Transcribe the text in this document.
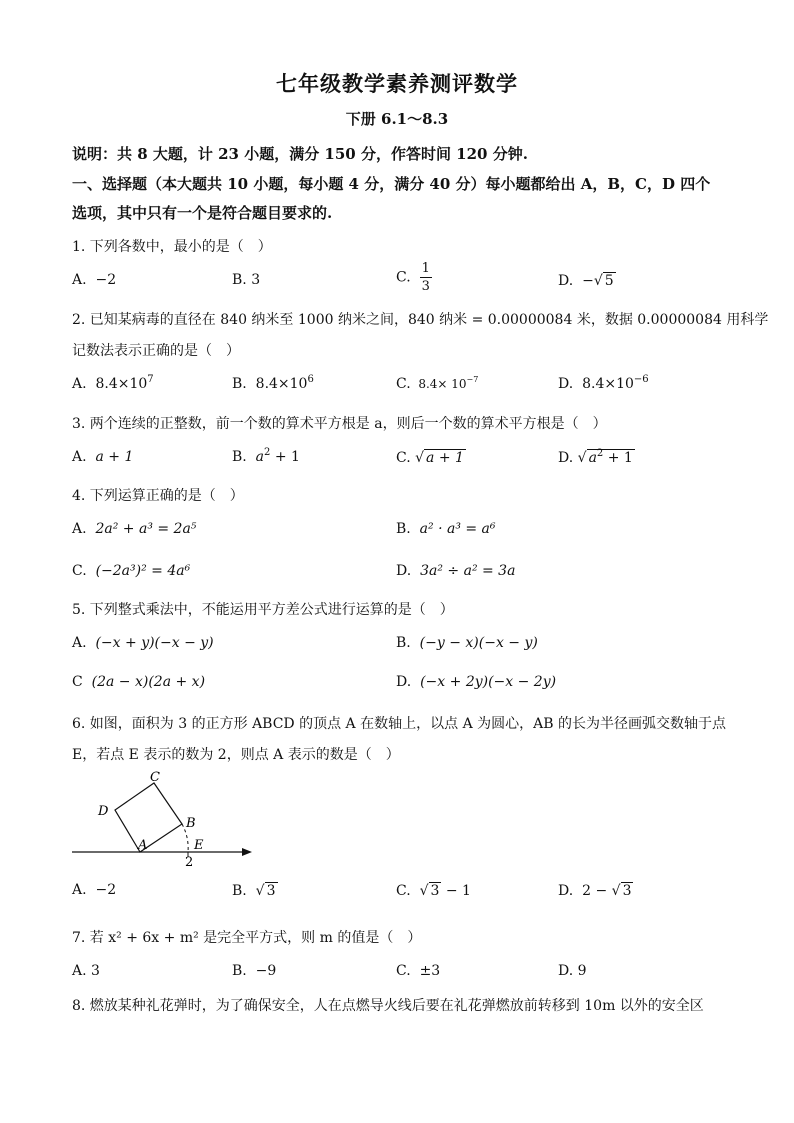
七年级教学素养测评数学
下册 6.1～8.3
说明：共 8 大题，计 23 小题，满分 150 分，作答时间 120 分钟.
一、选择题（本大题共 10 小题，每小题 4 分，满分 40 分）每小题都给出 A，B，C，D 四个
选项，其中只有一个是符合题目要求的.
1. 下列各数中，最小的是（　）
A. −2	B. 3	C. $\frac{1}{3}$	D. −√ 5
2. 已知某病毒的直径在 840 纳米至 1000 纳米之间，840 纳米 = 0.00000084 米，数据 0.00000084 用科学
记数法表示正确的是（　）
A. $8.4\times 10^7$	B. $8.4\times 10^6$	C. $8.4\times 10^{-7}$	D. $8.4\times 10^{-6}$
3. 两个连续的正整数，前一个数的算术平方根是 a，则后一个数的算术平方根是（　）
A. a + 1	B. $a^2 + 1$	C. √ a + 1	D. √ $a^2 + 1$
4. 下列运算正确的是（　）
A. 2a² + a³ = 2a⁵	B. a² · a³ = a⁶
C. (−2a³)² = 4a⁶	D. 3a² ÷ a² = 3a
5. 下列整式乘法中，不能运用平方差公式进行运算的是（　）
A. (−x + y)(−x − y)	B. (−y − x)(−x − y)
C (2a − x)(2a + x)	D. (−x + 2y)(−x − 2y)
6. 如图，面积为 3 的正方形 ABCD 的顶点 A 在数轴上，以点 A 为圆心，AB 的长为半径画弧交数轴于点
E，若点 E 表示的数为 2，则点 A 表示的数是（　）
C
D
B
A	E
2
A. −2	B. √ 3	C. √ 3 − 1	D. 2 − √ 3
7. 若 x² + 6x + m² 是完全平方式，则 m 的值是（　）
A. 3	B. −9	C. ±3	D. 9
8. 燃放某种礼花弹时，为了确保安全，人在点燃导火线后要在礼花弹燃放前转移到 10m 以外的安全区
